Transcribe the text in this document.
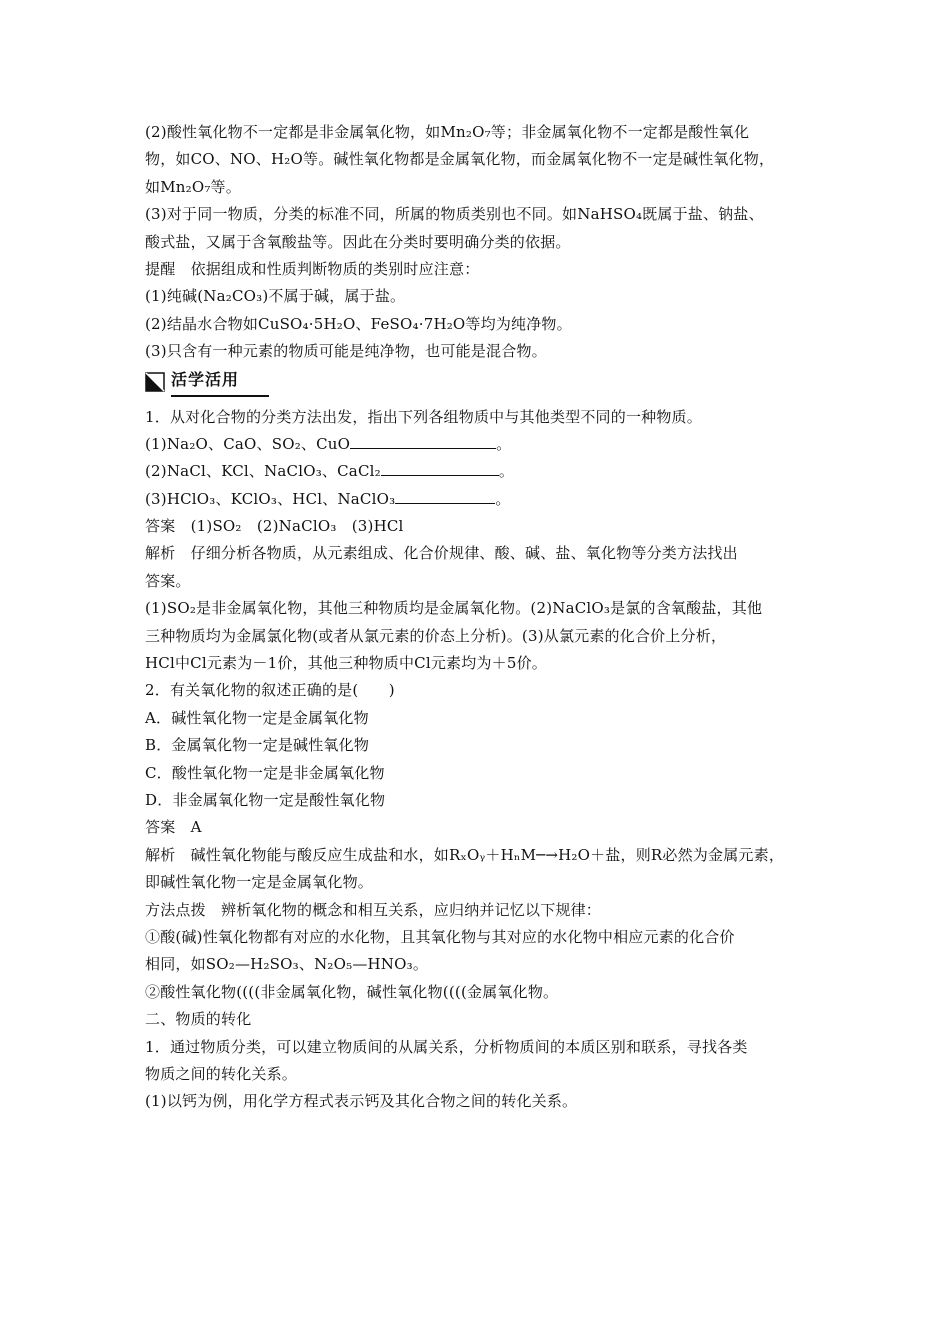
(2)酸性氧化物不一定都是非金属氧化物，如Mn₂O₇等；非金属氧化物不一定都是酸性氧化
物，如CO、NO、H₂O等。碱性氧化物都是金属氧化物，而金属氧化物不一定是碱性氧化物，
如Mn₂O₇等。
(3)对于同一物质，分类的标准不同，所属的物质类别也不同。如NaHSO₄既属于盐、钠盐、
酸式盐，又属于含氧酸盐等。因此在分类时要明确分类的依据。
提醒　依据组成和性质判断物质的类别时应注意：
(1)纯碱(Na₂CO₃)不属于碱，属于盐。
(2)结晶水合物如CuSO₄·5H₂O、FeSO₄·7H₂O等均为纯净物。
(3)只含有一种元素的物质可能是纯净物，也可能是混合物。
活学活用
1．从对化合物的分类方法出发，指出下列各组物质中与其他类型不同的一种物质。
(1)Na₂O、CaO、SO₂、CuO	。
(2)NaCl、KCl、NaClO₃、CaCl₂	。
(3)HClO₃、KClO₃、HCl、NaClO₃	。
答案　(1)SO₂　(2)NaClO₃　(3)HCl
解析　仔细分析各物质，从元素组成、化合价规律、酸、碱、盐、氧化物等分类方法找出
答案。
(1)SO₂是非金属氧化物，其他三种物质均是金属氧化物。(2)NaClO₃是氯的含氧酸盐，其他
三种物质均为金属氯化物(或者从氯元素的价态上分析)。(3)从氯元素的化合价上分析，
HCl中Cl元素为－1价，其他三种物质中Cl元素均为＋5价。
2．有关氧化物的叙述正确的是(　　)
A．碱性氧化物一定是金属氧化物
B．金属氧化物一定是碱性氧化物
C．酸性氧化物一定是非金属氧化物
D．非金属氧化物一定是酸性氧化物
答案　A
解析　碱性氧化物能与酸反应生成盐和水，如RₓOᵧ＋HₙM─→H₂O＋盐，则R必然为金属元素，
即碱性氧化物一定是金属氧化物。
方法点拨　辨析氧化物的概念和相互关系，应归纳并记忆以下规律：
①酸(碱)性氧化物都有对应的水化物，且其氧化物与其对应的水化物中相应元素的化合价
相同，如SO₂—H₂SO₃、N₂O₅—HNO₃。
②酸性氧化物((((非金属氧化物，碱性氧化物((((金属氧化物。
二、物质的转化
1．通过物质分类，可以建立物质间的从属关系，分析物质间的本质区别和联系，寻找各类
物质之间的转化关系。
(1)以钙为例，用化学方程式表示钙及其化合物之间的转化关系。
